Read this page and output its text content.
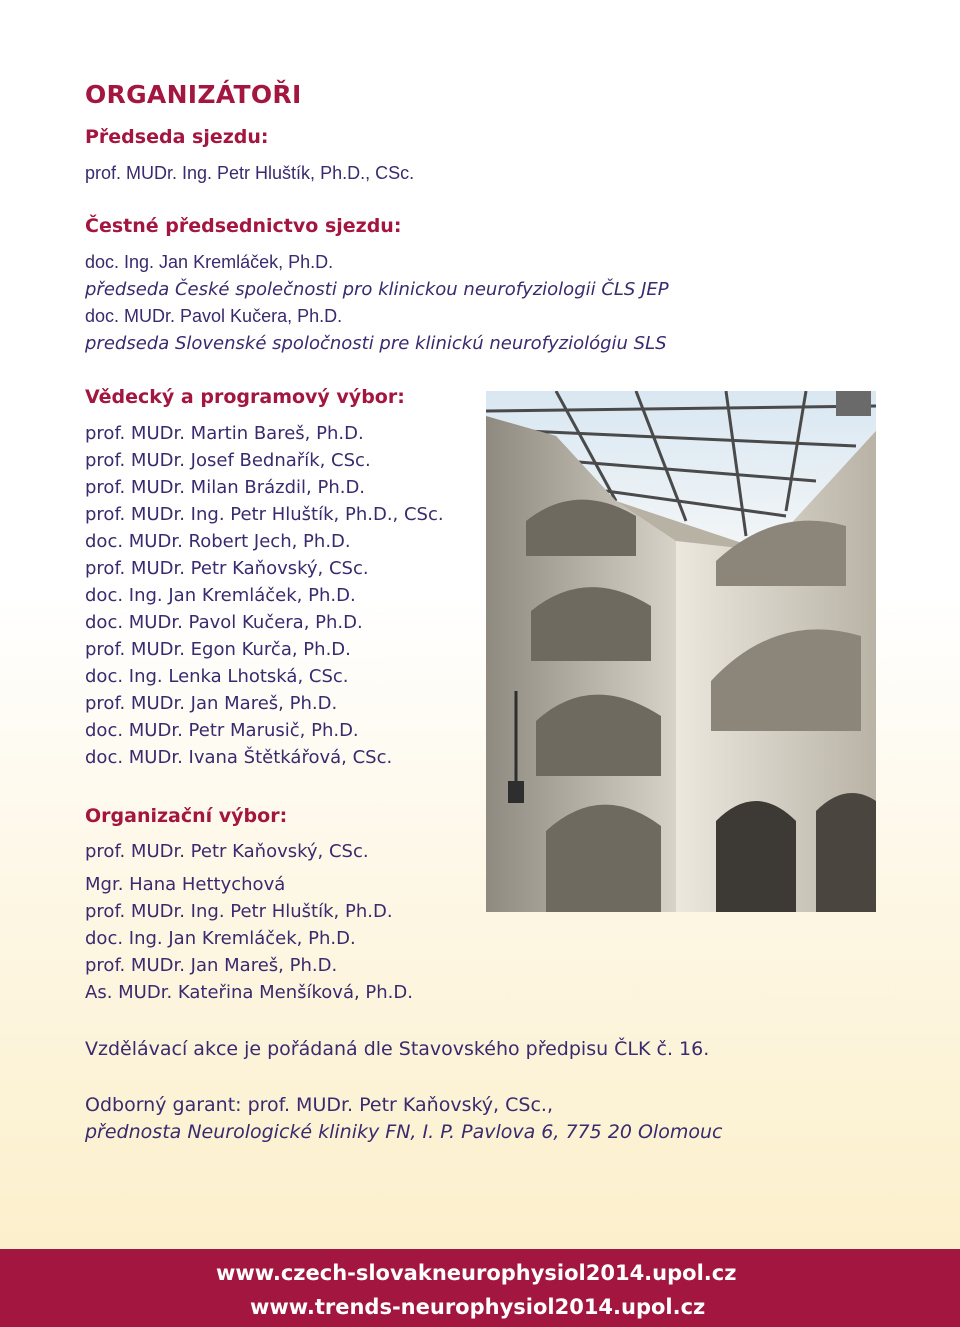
ORGANIZÁTOŘI
Předseda sjezdu:

prof. MUDr. Ing. Petr Hluštík, Ph.D., CSc.

Čestné předsednictvo sjezdu:
doc. Ing. Jan Kremláček, Ph.D.
předseda České společnosti pro klinickou neurofyziologii ČLS JEP
doc. MUDr. Pavol Kučera, Ph.D.
predseda Slovenské spoločnosti pre klinickú neurofyziológiu SLS
Vědecký a programový výbor:
prof. MUDr. Martin Bareš, Ph.D.
prof. MUDr. Josef Bednařík, CSc.
prof. MUDr. Milan Brázdil, Ph.D.
prof. MUDr. Ing. Petr Hluštík, Ph.D., CSc.
doc. MUDr. Robert Jech, Ph.D.
prof. MUDr. Petr Kaňovský, CSc.
doc. Ing. Jan Kremláček, Ph.D.
doc. MUDr. Pavol Kučera, Ph.D.
prof. MUDr. Egon Kurča, Ph.D.
doc. Ing. Lenka Lhotská, CSc.
prof. MUDr. Jan Mareš, Ph.D.
doc. MUDr. Petr Marusič, Ph.D.
doc. MUDr. Ivana Štětkářová, CSc.
Organizační výbor:
prof. MUDr. Petr Kaňovský, CSc.
Mgr. Hana Hettychová
prof. MUDr. Ing. Petr Hluštík, Ph.D.
doc. Ing. Jan Kremláček, Ph.D.
prof. MUDr. Jan Mareš, Ph.D.
As. MUDr. Kateřina Menšíková, Ph.D.

Vzdělávací akce je pořádaná dle Stavovského předpisu ČLK č. 16.

Odborný garant: prof. MUDr. Petr Kaňovský, CSc.,

přednosta Neurologické kliniky FN, I. P. Pavlova 6, 775 20 Olomouc

www.czech-slovakneurophysiol2014.upol.cz
www.trends-neurophysiol2014.upol.cz
